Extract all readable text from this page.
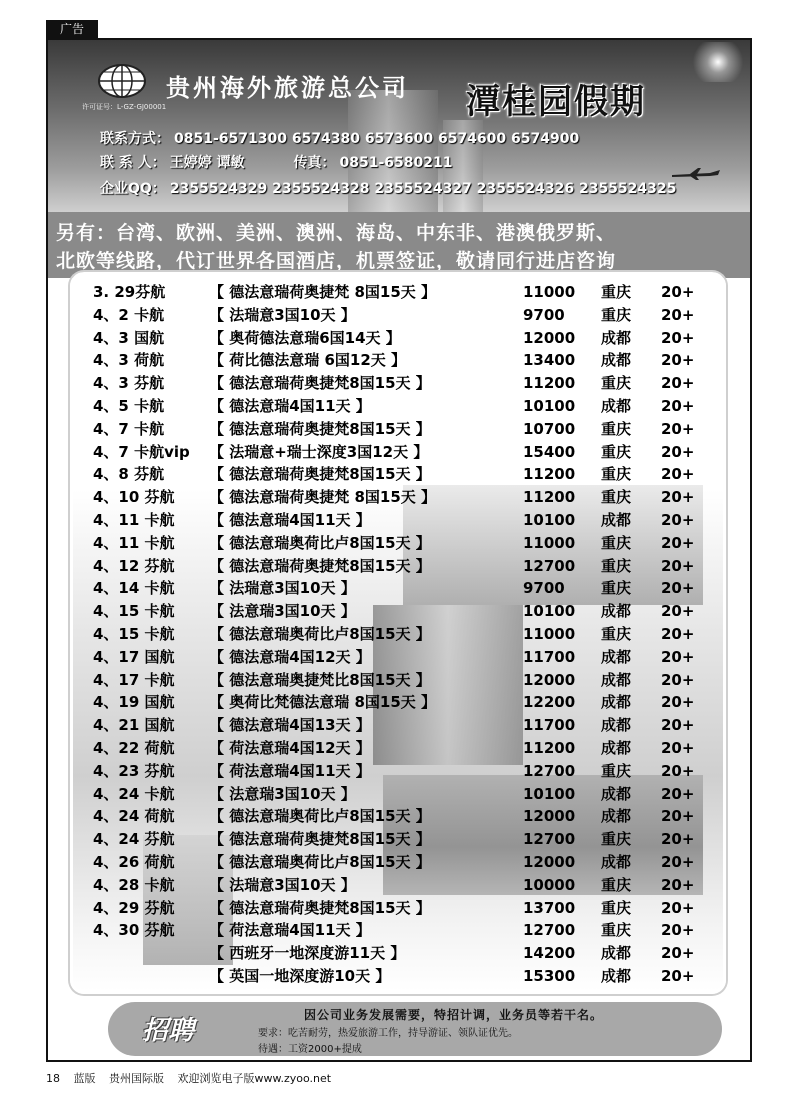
广告
贵州海外旅游总公司
许可证号：L-GZ-GJ00001	潭桂园假期
联系方式： 0851-6571300 6574380 6573600 6574600 6574900
联 系 人： 王婷婷 谭敏	传真： 0851-6580211
企业QQ： 2355524329 2355524328 2355524327 2355524326 2355524325
另有：台湾、欧洲、美洲、澳洲、海岛、中东非、港澳俄罗斯、
北欧等线路，代订世界各国酒店，机票签证，敬请同行进店咨询
3. 29芬航	【 德法意瑞荷奥捷梵 8国15天 】	11000 重庆 20+
4、2 卡航	【 法瑞意3国10天 】	9700 重庆 20+
4、3 国航	【 奥荷德法意瑞6国14天 】	12000 成都 20+
4、3 荷航	【 荷比德法意瑞 6国12天 】	13400 成都 20+
4、3 芬航	【 德法意瑞荷奥捷梵8国15天 】	11200 重庆 20+
4、5 卡航	【 德法意瑞4国11天 】	10100 成都 20+
4、7 卡航	【 德法意瑞荷奥捷梵8国15天 】	10700 重庆 20+
4、7 卡航vip 【 法瑞意+瑞士深度3国12天 】	15400 重庆 20+
4、8 芬航	【 德法意瑞荷奥捷梵8国15天 】	11200 重庆 20+
4、10 芬航 【 德法意瑞荷奥捷梵 8国15天 】	11200 重庆 20+
4、11 卡航 【 德法意瑞4国11天 】	10100 成都 20+
4、11 卡航 【 德法意瑞奥荷比卢8国15天 】	11000 重庆 20+
4、12 芬航 【 德法意瑞荷奥捷梵8国15天 】	12700 重庆 20+
4、14 卡航 【 法瑞意3国10天 】	9700 重庆 20+
4、15 卡航 【 法意瑞3国10天 】	10100 成都 20+
4、15 卡航 【 德法意瑞奥荷比卢8国15天 】	11000 重庆 20+
4、17 国航 【 德法意瑞4国12天 】	11700 成都 20+
4、17 卡航 【 德法意瑞奥捷梵比8国15天 】	12000 成都 20+
4、19 国航 【 奥荷比梵德法意瑞 8国15天 】	12200 成都 20+
4、21 国航 【 德法意瑞4国13天 】	11700 成都 20+
4、22 荷航 【 荷法意瑞4国12天 】	11200 成都 20+
4、23 芬航 【 荷法意瑞4国11天 】	12700 重庆 20+
4、24 卡航 【 法意瑞3国10天 】	10100 成都 20+
4、24 荷航 【 德法意瑞奥荷比卢8国15天 】	12000 成都 20+
4、24 芬航 【 德法意瑞荷奥捷梵8国15天 】	12700 重庆 20+
4、26 荷航 【 德法意瑞奥荷比卢8国15天 】	12000 成都 20+
4、28 卡航 【 法瑞意3国10天 】	10000 重庆 20+
4、29 芬航 【 德法意瑞荷奥捷梵8国15天 】	13700 重庆 20+
4、30 芬航 【 荷法意瑞4国11天 】	12700 重庆 20+
【 西班牙一地深度游11天 】	14200 成都 20+
【 英国一地深度游10天 】	15300 成都 20+
招聘
因公司业务发展需要，特招计调，业务员等若干名。
要求：吃苦耐劳，热爱旅游工作，持导游证、领队证优先。
待遇：工资2000+提成
18 蓝版 贵州国际版 欢迎浏览电子版www.zyoo.net
